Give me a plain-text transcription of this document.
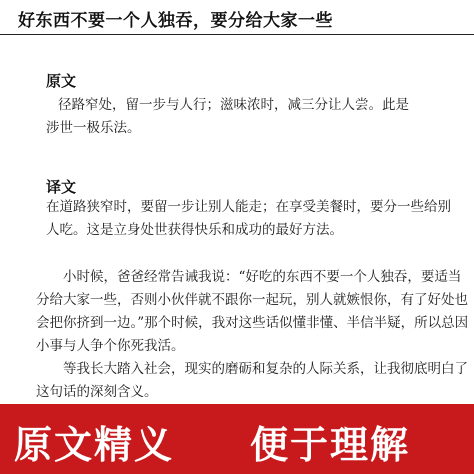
好东西不要一个人独吞，要分给大家一些
原文
径路窄处，留一步与人行；滋味浓时，减三分让人尝。此是
涉世一极乐法。
译文
在道路狭窄时，要留一步让别人能走；在享受美餐时，要分一些给别
人吃。这是立身处世获得快乐和成功的最好方法。

小时候，爸爸经常告诫我说：“好吃的东西不要一个人独吞，要适当
分给大家一些，否则小伙伴就不跟你一起玩，别人就嫉恨你，有了好处也
会把你挤到一边。”那个时候，我对这些话似懂非懂、半信半疑，所以总因
小事与人争个你死我活。

等我长大踏入社会，现实的磨砺和复杂的人际关系，让我彻底明白了
这句话的深刻含义。

原文精义 便于理解
